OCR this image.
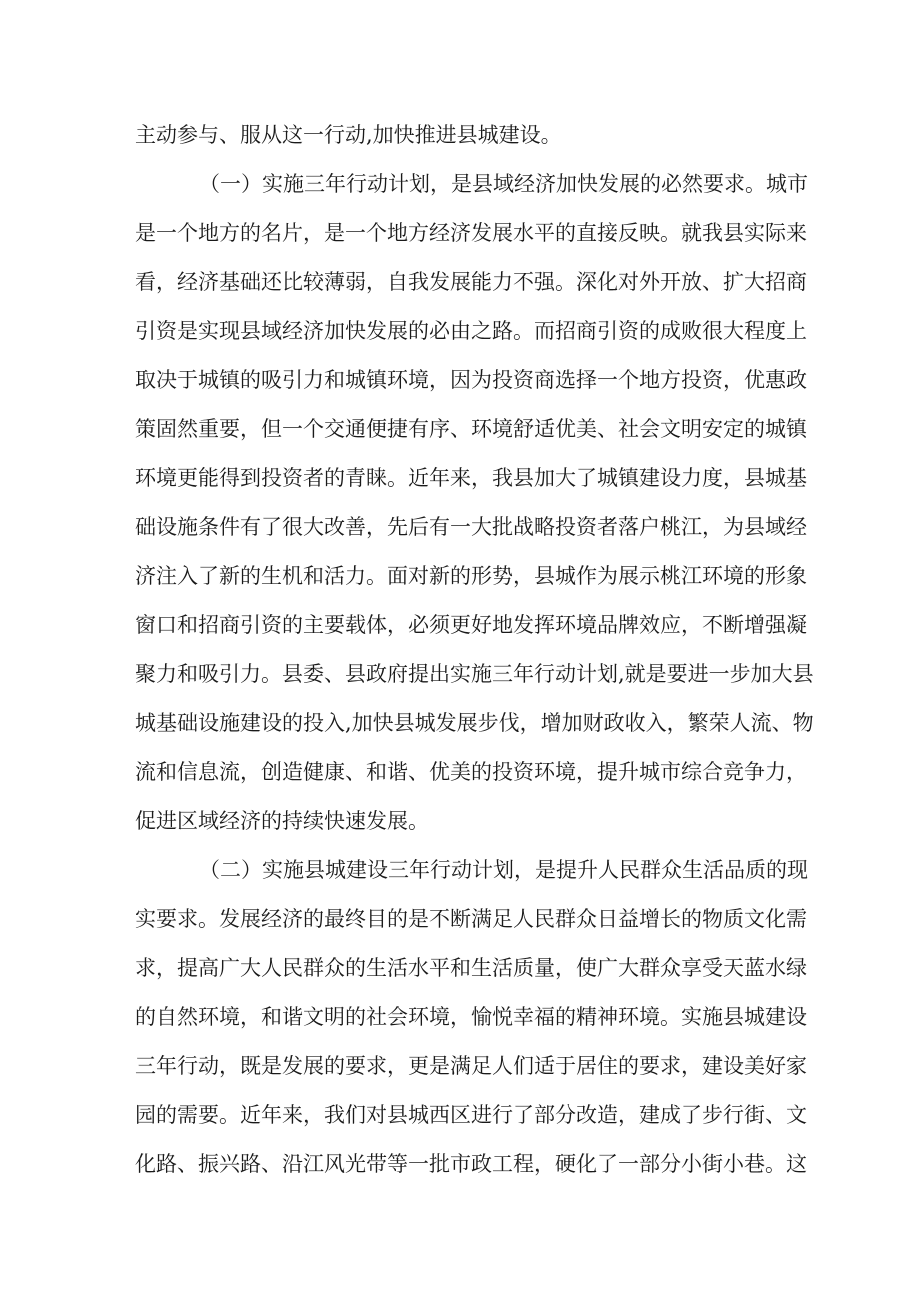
主动参与、服从这一行动,加快推进县城建设。

（一）实施三年行动计划，是县域经济加快发展的必然要求。城市

是一个地方的名片，是一个地方经济发展水平的直接反映。就我县实际来

看，经济基础还比较薄弱，自我发展能力不强。深化对外开放、扩大招商

引资是实现县域经济加快发展的必由之路。而招商引资的成败很大程度上

取决于城镇的吸引力和城镇环境，因为投资商选择一个地方投资，优惠政

策固然重要，但一个交通便捷有序、环境舒适优美、社会文明安定的城镇

环境更能得到投资者的青睐。近年来，我县加大了城镇建设力度，县城基

础设施条件有了很大改善，先后有一大批战略投资者落户桃江，为县域经

济注入了新的生机和活力。面对新的形势，县城作为展示桃江环境的形象

窗口和招商引资的主要载体，必须更好地发挥环境品牌效应，不断增强凝

聚力和吸引力。县委、县政府提出实施三年行动计划,就是要进一步加大县

城基础设施建设的投入,加快县城发展步伐，增加财政收入，繁荣人流、物

流和信息流，创造健康、和谐、优美的投资环境，提升城市综合竞争力，

促进区域经济的持续快速发展。

（二）实施县城建设三年行动计划，是提升人民群众生活品质的现

实要求。发展经济的最终目的是不断满足人民群众日益增长的物质文化需

求，提高广大人民群众的生活水平和生活质量，使广大群众享受天蓝水绿

的自然环境，和谐文明的社会环境，愉悦幸福的精神环境。实施县城建设

三年行动，既是发展的要求，更是满足人们适于居住的要求，建设美好家

园的需要。近年来，我们对县城西区进行了部分改造，建成了步行街、文

化路、振兴路、沿江风光带等一批市政工程，硬化了一部分小街小巷。这
